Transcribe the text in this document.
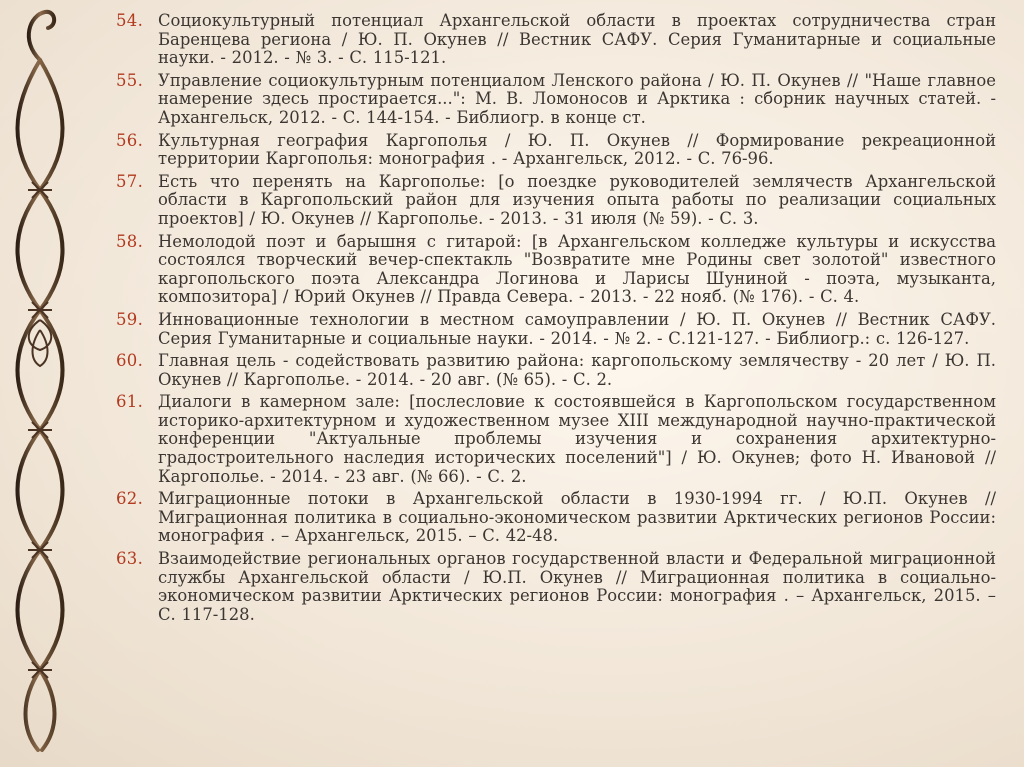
54. Социокультурный потенциал Архангельской области в проектах сотрудничества стран Баренцева региона / Ю. П. Окунев // Вестник САФУ. Серия Гуманитарные и социальные науки. - 2012. - № 3. - С. 115-121.
55. Управление социокультурным потенциалом Ленского района / Ю. П. Окунев // "Наше главное намерение здесь простирается...": М. В. Ломоносов и Арктика : сборник научных статей. - Архангельск, 2012. - С. 144-154. - Библиогр. в конце ст.
56. Культурная география Каргополья / Ю. П. Окунев // Формирование рекреационной территории Каргополья: монография . - Архангельск, 2012. - С. 76-96.
57. Есть что перенять на Каргополье: [о поездке руководителей землячеств Архангельской области в Каргопольский район для изучения опыта работы по реализации социальных проектов] / Ю. Окунев // Каргополье. - 2013. - 31 июля (№ 59). - С. 3.
58. Немолодой поэт и барышня с гитарой: [в Архангельском колледже культуры и искусства состоялся творческий вечер-спектакль "Возвратите мне Родины свет золотой" известного каргопольского поэта Александра Логинова и Ларисы Шуниной - поэта, музыканта, композитора] / Юрий Окунев // Правда Севера. - 2013. - 22 нояб. (№ 176). - С. 4.
59. Инновационные технологии в местном самоуправлении / Ю. П. Окунев // Вестник САФУ. Серия Гуманитарные и социальные науки. - 2014. - № 2. - С.121-127. - Библиогр.: с. 126-127.
60. Главная цель - содействовать развитию района: каргопольскому землячеству - 20 лет / Ю. П. Окунев // Каргополье. - 2014. - 20 авг. (№ 65). - С. 2.
61. Диалоги в камерном зале: [послесловие к состоявшейся в Каргопольском государственном историко-архитектурном и художественном музее XIII международной научно-практической конференции "Актуальные проблемы изучения и сохранения архитектурно-градостроительного наследия исторических поселений"] / Ю. Окунев; фото Н. Ивановой // Каргополье. - 2014. - 23 авг. (№ 66). - С. 2.
62. Миграционные потоки в Архангельской области в 1930-1994 гг. / Ю.П. Окунев // Миграционная политика в социально-экономическом развитии Арктических регионов России: монография . – Архангельск, 2015. – С. 42-48.
63. Взаимодействие региональных органов государственной власти и Федеральной миграционной службы Архангельской области / Ю.П. Окунев // Миграционная политика в социально-экономическом развитии Арктических регионов России: монография . – Архангельск, 2015. – С. 117-128.
